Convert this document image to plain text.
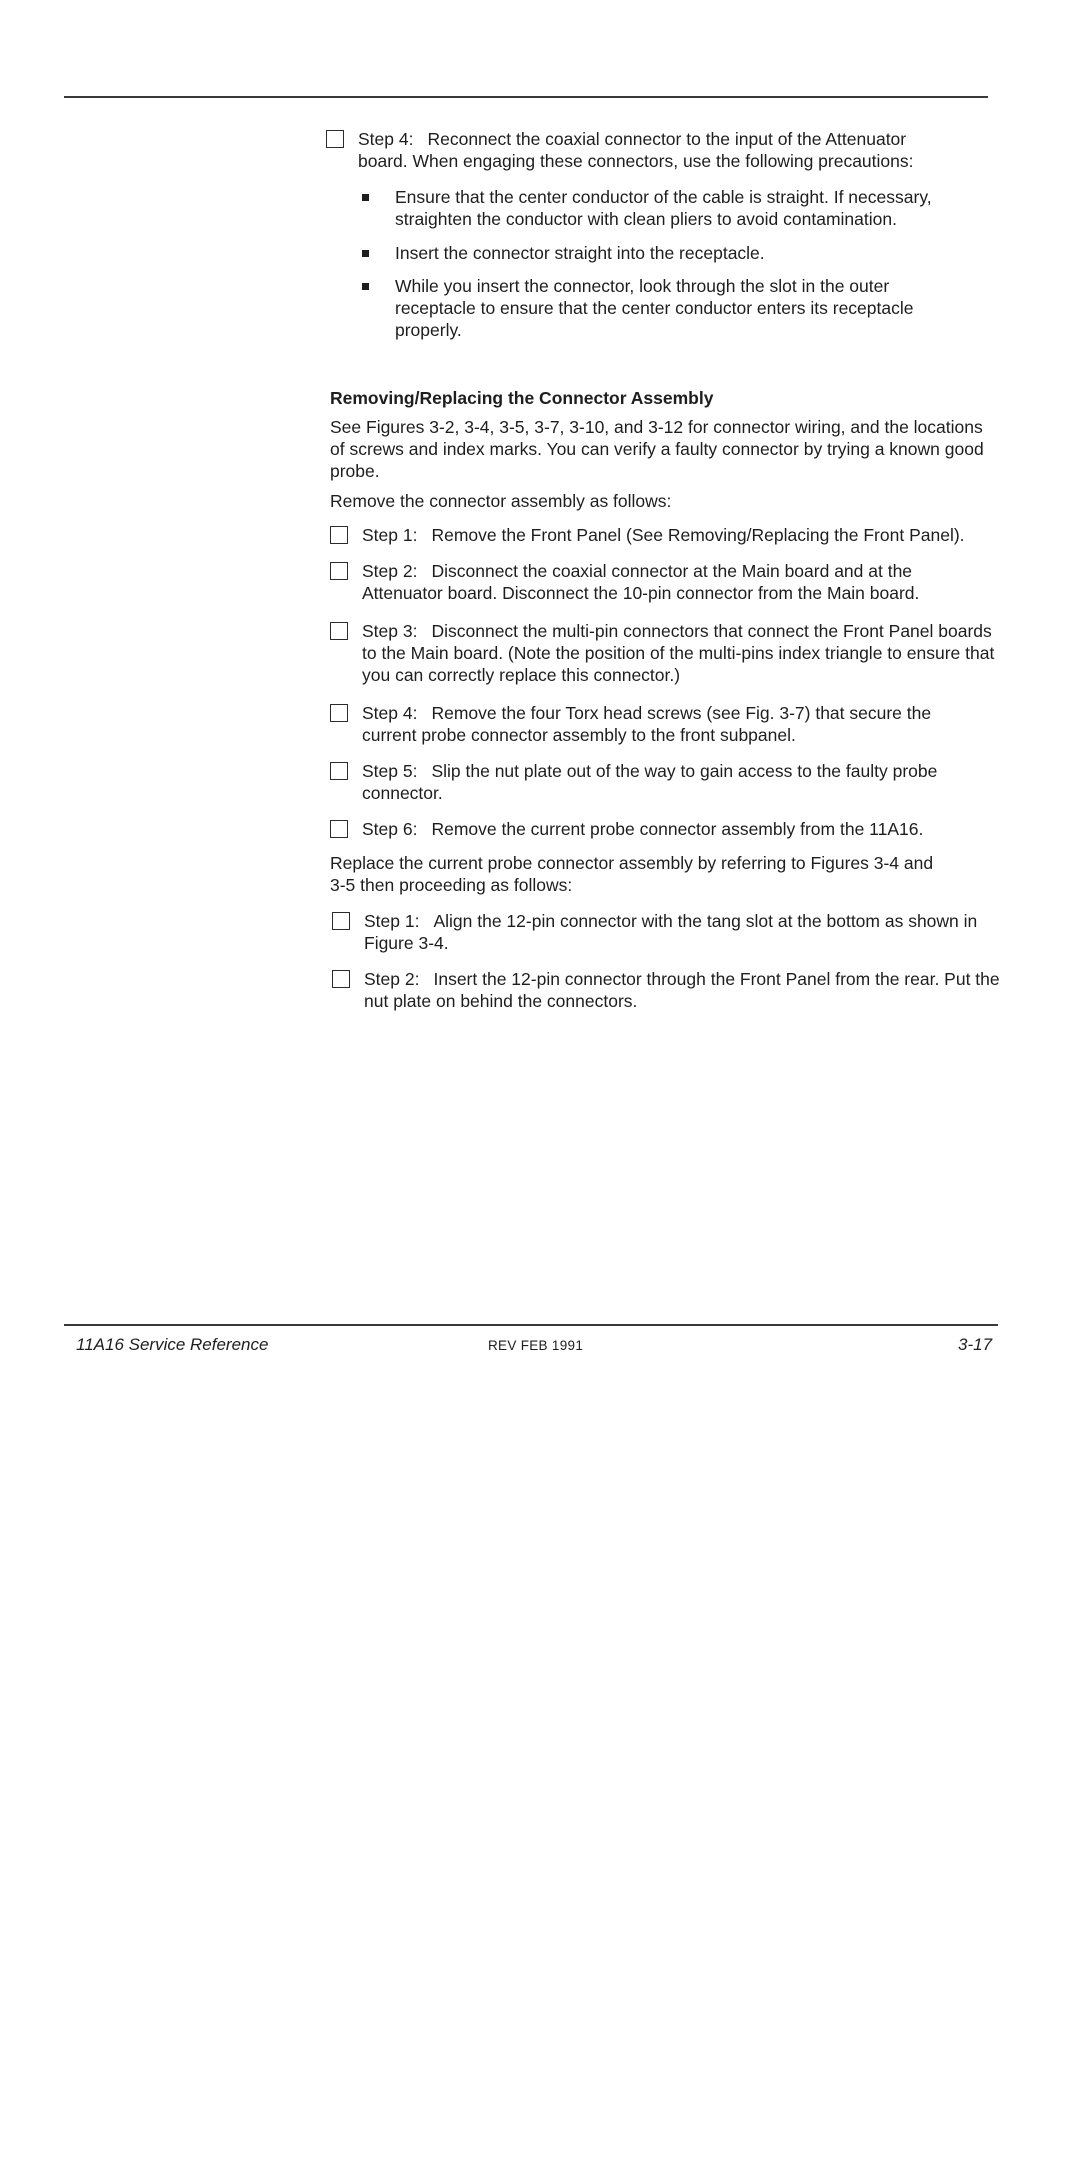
Step 4: Reconnect the coaxial connector to the input of the Attenuator board. When engaging these connectors, use the following precautions:
Ensure that the center conductor of the cable is straight. If necessary, straighten the conductor with clean pliers to avoid contamination.
Insert the connector straight into the receptacle.
While you insert the connector, look through the slot in the outer receptacle to ensure that the center conductor enters its receptacle properly.
Removing/Replacing the Connector Assembly
See Figures 3-2, 3-4, 3-5, 3-7, 3-10, and 3-12 for connector wiring, and the locations of screws and index marks. You can verify a faulty connector by trying a known good probe.
Remove the connector assembly as follows:
Step 1: Remove the Front Panel (See Removing/Replacing the Front Panel).
Step 2: Disconnect the coaxial connector at the Main board and at the Attenuator board. Disconnect the 10-pin connector from the Main board.
Step 3: Disconnect the multi-pin connectors that connect the Front Panel boards to the Main board. (Note the position of the multi-pins index triangle to ensure that you can correctly replace this connector.)
Step 4: Remove the four Torx head screws (see Fig. 3-7) that secure the current probe connector assembly to the front subpanel.
Step 5: Slip the nut plate out of the way to gain access to the faulty probe connector.
Step 6: Remove the current probe connector assembly from the 11A16.
Replace the current probe connector assembly by referring to Figures 3-4 and 3-5 then proceeding as follows:
Step 1: Align the 12-pin connector with the tang slot at the bottom as shown in Figure 3-4.
Step 2: Insert the 12-pin connector through the Front Panel from the rear. Put the nut plate on behind the connectors.
11A16 Service Reference	REV FEB 1991	3-17
